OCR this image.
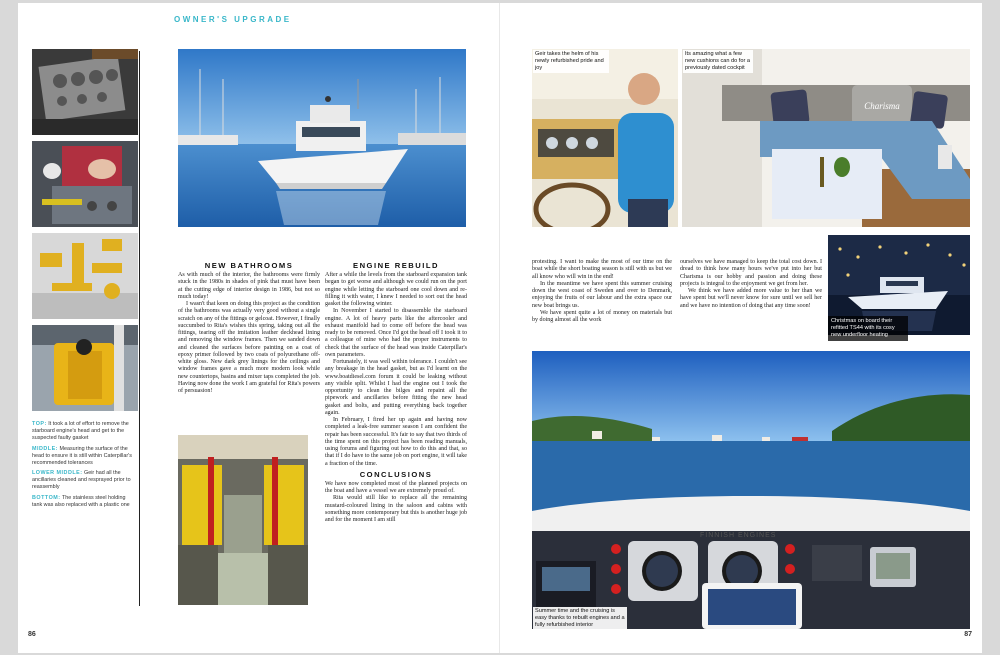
OWNER'S UPGRADE

TOP: It took a lot of effort to remove the starboard engine's head and get to the suspected faulty gasket

MIDDLE: Measuring the surface of the head to ensure it is still within Caterpillar's recommended tolerances

LOWER MIDDLE: Geir had all the ancillaries cleaned and resprayed prior to reassembly

BOTTOM: The stainless steel holding tank was also replaced with a plastic one

NEW BATHROOMS

As with much of the interior, the bathrooms were firmly stuck in the 1980s in shades of pink that must have been at the cutting edge of interior design in 1986, but not so much today!

I wasn't that keen on doing this project as the condition of the bathrooms was actually very good without a single scratch on any of the fittings or gelcoat. However, I finally succumbed to Rita's wishes this spring, taking out all the fittings, tearing off the imitation leather deckhead lining and removing the window frames. Then we sanded down and cleaned the surfaces before painting on a coat of epoxy primer followed by two coats of polyurethane off-white gloss. New dark grey linings for the ceilings and window frames gave a much more modern look while new countertops, basins and mixer taps completed the job. Having now done the work I am grateful for Rita's powers of persuasion!

ENGINE REBUILD

After a while the levels from the starboard expansion tank began to get worse and although we could run on the port engine while letting the starboard one cool down and re-filling it with water, I knew I needed to sort out the head gasket the following winter.

In November I started to disassemble the starboard engine. A lot of heavy parts like the aftercooler and exhaust manifold had to come off before the head was ready to be removed. Once I'd got the head off I took it to a colleague of mine who had the proper instruments to check that the surface of the head was inside Caterpillar's own parameters.

Fortunately, it was well within tolerance. I couldn't see any breakage in the head gasket, but as I'd learnt on the www.boatdiesel.com forum it could be leaking without any visible split. Whilst I had the engine out I took the opportunity to clean the bilges and repaint all the pipework and ancillaries before fitting the new head gasket and bolts, and putting everything back together again.

In February, I fired her up again and having now completed a leak-free summer season I am confident the repair has been successful. It's fair to say that two thirds of the time spent on this project has been reading manuals, using forums and figuring out how to do this and that, so that if I do have to the same job on port engine, it will take a fraction of the time.

CONCLUSIONS

We have now completed most of the planned projects on the boat and have a vessel we are extremely proud of.

Rita would still like to replace all the remaining mustard-coloured lining in the saloon and cabins with something more contemporary but this is another huge job and for the moment I am still

86
Geir takes the helm of his newly refurbished pride and joy
Charisma
Its amazing what a few new cushions can do for a previously dated cockpit

protesting. I want to make the most of our time on the boat while the short boating season is still with us but we all know who will win in the end!

In the meantime we have spent this summer cruising down the west coast of Sweden and over to Denmark, enjoying the fruits of our labour and the extra space our new boat brings us.

We have spent quite a lot of money on materials but by doing almost all the work

ourselves we have managed to keep the total cost down. I dread to think how many hours we've put into her but Charisma is our hobby and passion and doing these projects is integral to the enjoyment we get from her.

We think we have added more value to her than we have spent but we'll never know for sure until we sell her and we have no intention of doing that any time soon!

Christmas on board their refitted TS44 with its cosy new underfloor heating
FINNISH ENGINES
Summer time and the cruising is easy thanks to rebuilt engines and a fully refurbished interior
87
